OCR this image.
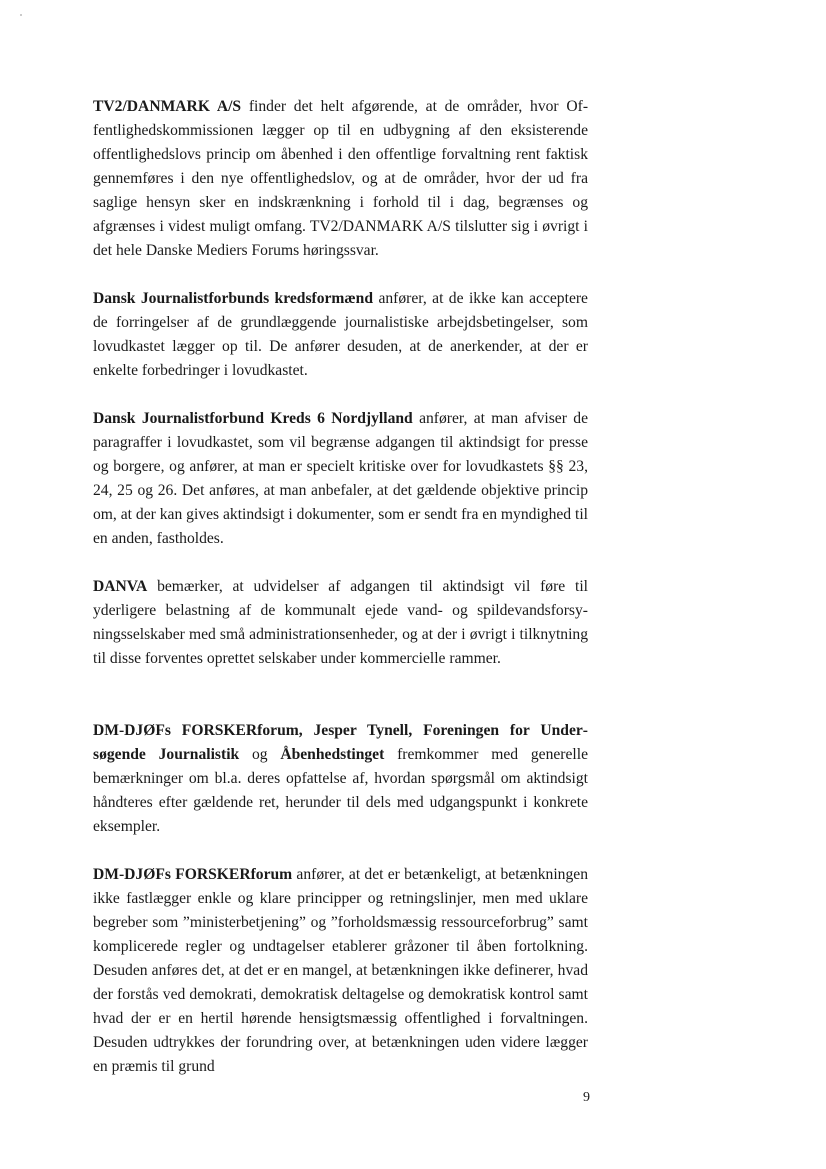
TV2/DANMARK A/S finder det helt afgørende, at de områder, hvor Offentlighedskommissionen lægger op til en udbygning af den eksisterende offentlighedslovs princip om åbenhed i den offentlige forvaltning rent faktisk gennemføres i den nye offentlighedslov, og at de områder, hvor der ud fra saglige hensyn sker en indskrænkning i forhold til i dag, begrænses og afgrænses i videst muligt omfang. TV2/DANMARK A/S tilslutter sig i øvrigt i det hele Danske Mediers Forums høringssvar.

Dansk Journalistforbunds kredsformænd anfører, at de ikke kan acceptere de forringelser af de grundlæggende journalistiske arbejdsbetingelser, som lovudkastet lægger op til. De anfører desuden, at de anerkender, at der er enkelte forbedringer i lovudkastet.

Dansk Journalistforbund Kreds 6 Nordjylland anfører, at man afviser de paragraffer i lovudkastet, som vil begrænse adgangen til aktindsigt for presse og borgere, og anfører, at man er specielt kritiske over for lovudkastets §§ 23, 24, 25 og 26. Det anføres, at man anbefaler, at det gældende objektive princip om, at der kan gives aktindsigt i dokumenter, som er sendt fra en myndighed til en anden, fastholdes.

DANVA bemærker, at udvidelser af adgangen til aktindsigt vil føre til yderligere belastning af de kommunalt ejede vand- og spildevandsforsyningsselskaber med små administrationsenheder, og at der i øvrigt i tilknytning til disse forventes oprettet selskaber under kommercielle rammer.

DM-DJØFs FORSKERforum, Jesper Tynell, Foreningen for Undersøgende Journalistik og Åbenhedstinget fremkommer med generelle bemærkninger om bl.a. deres opfattelse af, hvordan spørgsmål om aktindsigt håndteres efter gældende ret, herunder til dels med udgangspunkt i konkrete eksempler.

DM-DJØFs FORSKERforum anfører, at det er betænkeligt, at betænkningen ikke fastlægger enkle og klare principper og retningslinjer, men med uklare begreber som ”ministerbetjening” og ”forholdsmæssig ressourceforbrug” samt komplicerede regler og undtagelser etablerer gråzoner til åben fortolkning. Desuden anføres det, at det er en mangel, at betænkningen ikke definerer, hvad der forstås ved demokrati, demokratisk deltagelse og demokratisk kontrol samt hvad der er en hertil hørende hensigtsmæssig offentlighed i forvaltningen. Desuden udtrykkes der forundring over, at betænkningen uden videre lægger en præmis til grund

9
